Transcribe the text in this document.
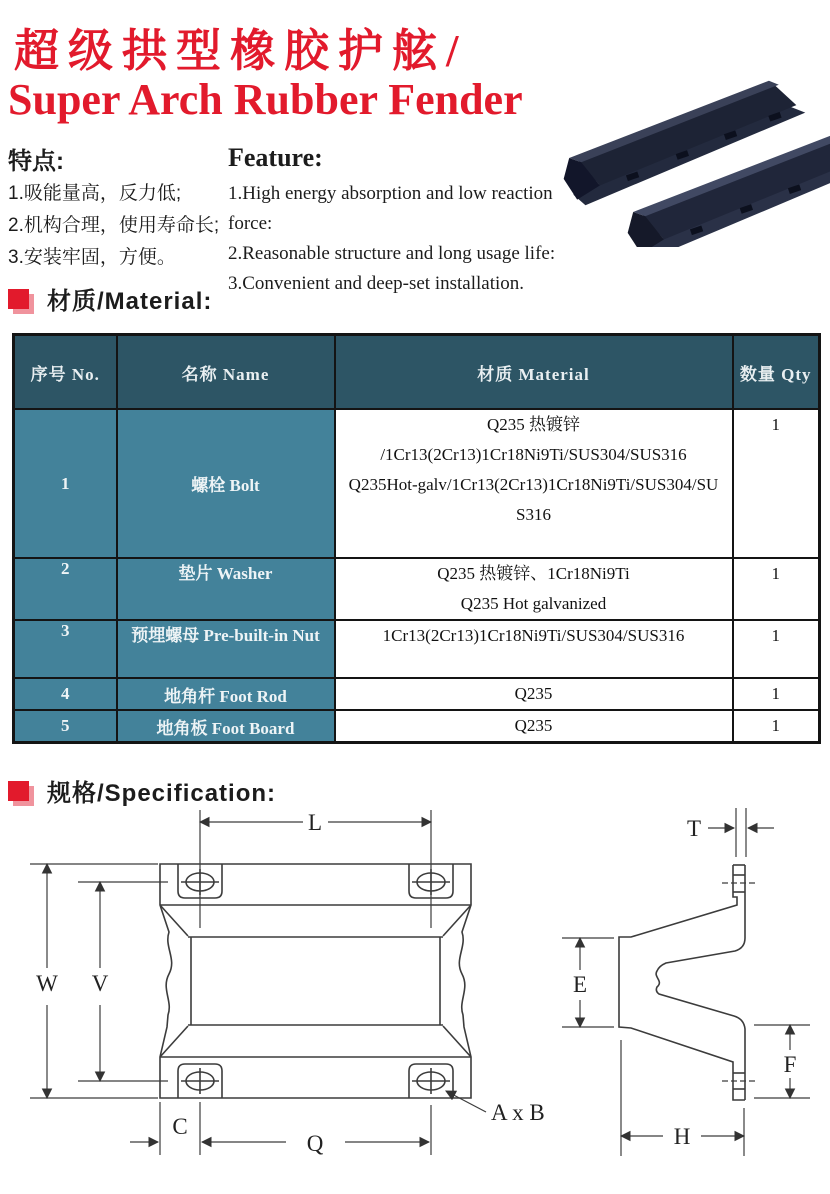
超级拱型橡胶护舷/
Super Arch Rubber Fender
特点:
1.吸能量高，反力低;
2.机构合理，使用寿命长;
3.安装牢固，方便。
Feature:
1.High energy absorption and low reaction force:
2.Reasonable structure and long usage life:
3.Convenient and deep-set installation.
材质/Material:
序号 No.	名称 Name	材质 Material	数量 Qty
1	螺栓 Bolt	Q235 热镀锌
/1Cr13(2Cr13)1Cr18Ni9Ti/SUS304/SUS316
Q235Hot-galv/1Cr13(2Cr13)1Cr18Ni9Ti/SUS304/SU
S316	1
2	垫片 Washer	Q235 热镀锌、1Cr18Ni9Ti
Q235 Hot galvanized	1
3	预埋螺母 Pre-built-in Nut	1Cr13(2Cr13)1Cr18Ni9Ti/SUS304/SUS316	1
4	地角杆 Foot Rod	Q235	1
5	地角板 Foot Board	Q235	1
规格/Specification:
L
W V
C
Q
A x B
T
E
F
H
